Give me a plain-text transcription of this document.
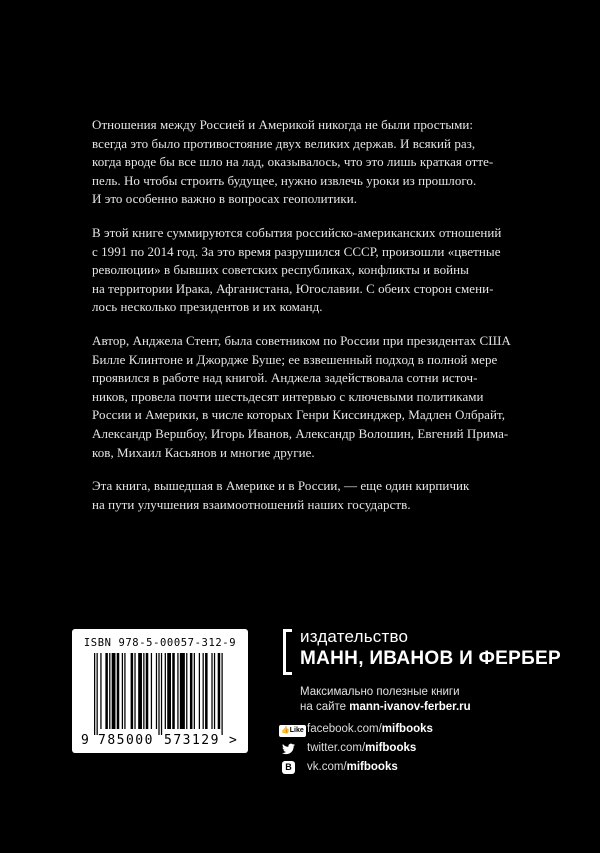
Отношения между Россией и Америкой никогда не были простыми:
всегда это было противостояние двух великих держав. И всякий раз,
когда вроде бы все шло на лад, оказывалось, что это лишь краткая отте-
пель. Но чтобы строить будущее, нужно извлечь уроки из прошлого.
И это особенно важно в вопросах геополитики.

В этой книге суммируются события российско-американских отношений
с 1991 по 2014 год. За это время разрушился СССР, произошли «цветные
революции» в бывших советских республиках, конфликты и войны
на территории Ирака, Афганистана, Югославии. С обеих сторон смени-
лось несколько президентов и их команд.

Автор, Анджела Стент, была советником по России при президентах США
Билле Клинтоне и Джордже Буше; ее взвешенный подход в полной мере
проявился в работе над книгой. Анджела задействовала сотни источ-
ников, провела почти шестьдесят интервью с ключевыми политиками
России и Америки, в числе которых Генри Киссинджер, Мадлен Олбрайт,
Александр Вершбоу, Игорь Иванов, Александр Волошин, Евгений Прима-
ков, Михаил Касьянов и многие другие.

Эта книга, вышедшая в Америке и в России, — еще один кирпичик
на пути улучшения взаимоотношений наших государств.

ISBN 978-5-00057-312-9
9 785000 573129 >
издательство
МАНН, ИВАНОВ И ФЕРБЕР
Максимально полезные книги
на сайте mann-ivanov-ferber.ru
👍Like facebook.com/mifbooks
twitter.com/mifbooks
В vk.com/mifbooks
